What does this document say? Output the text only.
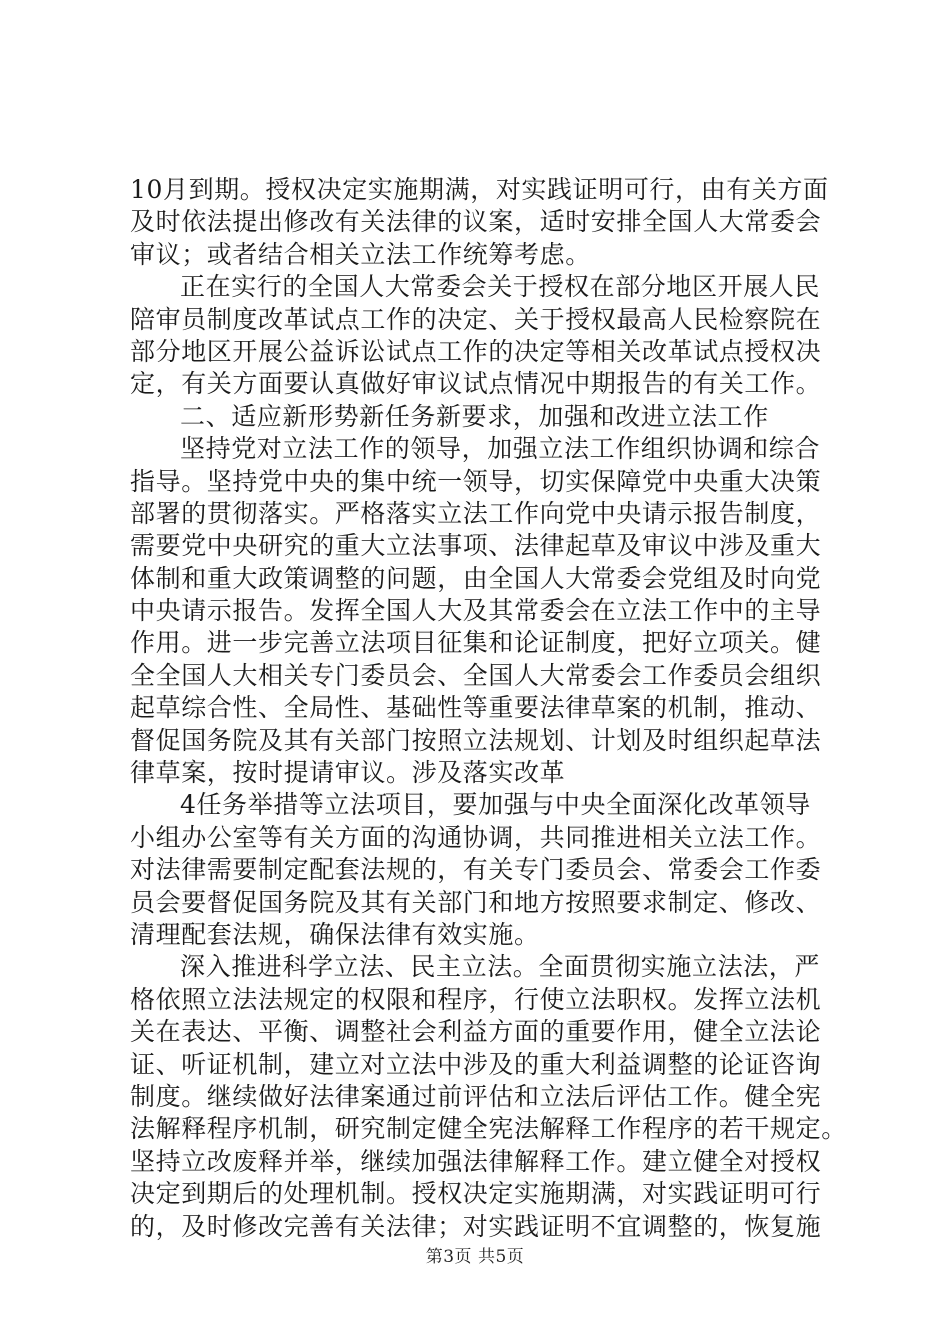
10月到期。授权决定实施期满，对实践证明可行，由有关方面
及时依法提出修改有关法律的议案，适时安排全国人大常委会
审议；或者结合相关立法工作统筹考虑。
正在实行的全国人大常委会关于授权在部分地区开展人民
陪审员制度改革试点工作的决定、关于授权最高人民检察院在
部分地区开展公益诉讼试点工作的决定等相关改革试点授权决
定，有关方面要认真做好审议试点情况中期报告的有关工作。
二、适应新形势新任务新要求，加强和改进立法工作
坚持党对立法工作的领导，加强立法工作组织协调和综合
指导。坚持党中央的集中统一领导，切实保障党中央重大决策
部署的贯彻落实。严格落实立法工作向党中央请示报告制度，
需要党中央研究的重大立法事项、法律起草及审议中涉及重大
体制和重大政策调整的问题，由全国人大常委会党组及时向党
中央请示报告。发挥全国人大及其常委会在立法工作中的主导
作用。进一步完善立法项目征集和论证制度，把好立项关。健
全全国人大相关专门委员会、全国人大常委会工作委员会组织
起草综合性、全局性、基础性等重要法律草案的机制，推动、
督促国务院及其有关部门按照立法规划、计划及时组织起草法
律草案，按时提请审议。涉及落实改革
4任务举措等立法项目，要加强与中央全面深化改革领导
小组办公室等有关方面的沟通协调，共同推进相关立法工作。
对法律需要制定配套法规的，有关专门委员会、常委会工作委
员会要督促国务院及其有关部门和地方按照要求制定、修改、
清理配套法规，确保法律有效实施。
深入推进科学立法、民主立法。全面贯彻实施立法法，严
格依照立法法规定的权限和程序，行使立法职权。发挥立法机
关在表达、平衡、调整社会利益方面的重要作用，健全立法论
证、听证机制，建立对立法中涉及的重大利益调整的论证咨询
制度。继续做好法律案通过前评估和立法后评估工作。健全宪
法解释程序机制，研究制定健全宪法解释工作程序的若干规定。
坚持立改废释并举，继续加强法律解释工作。建立健全对授权
决定到期后的处理机制。授权决定实施期满，对实践证明可行
的，及时修改完善有关法律；对实践证明不宜调整的，恢复施
第3页 共5页
